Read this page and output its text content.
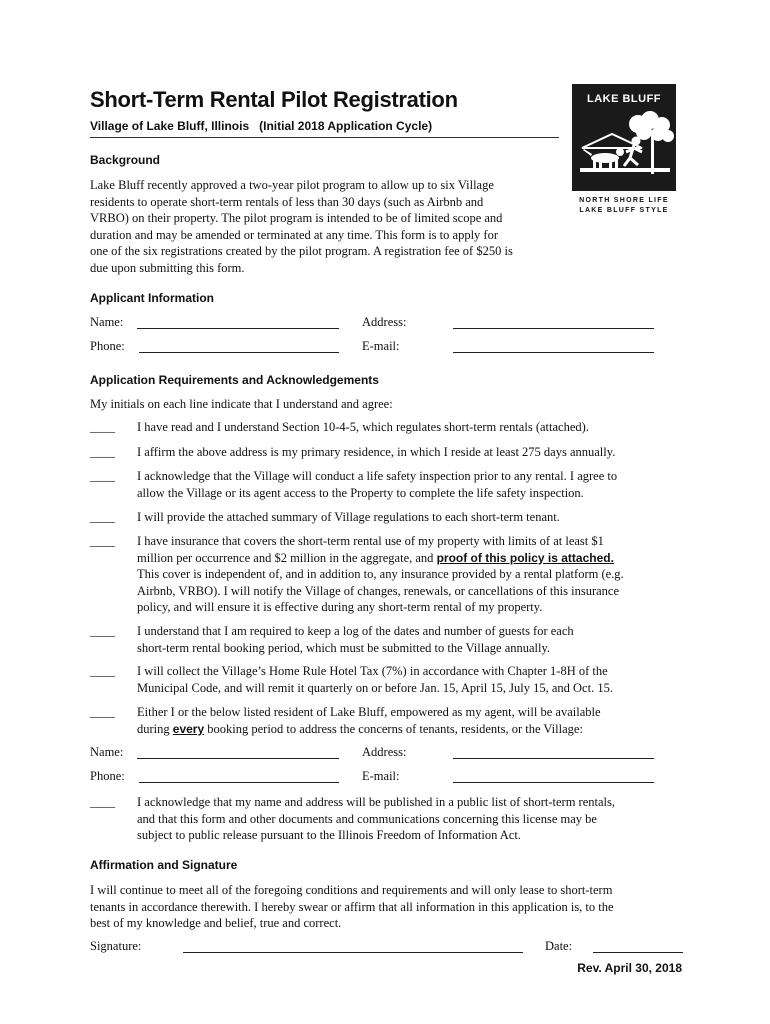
Short-Term Rental Pilot Registration
Village of Lake Bluff, Illinois (Initial 2018 Application Cycle)
LAKE BLUFF
NORTH SHORE LIFE
LAKE BLUFF STYLE
Background
Lake Bluff recently approved a two-year pilot program to allow up to six Village
residents to operate short-term rentals of less than 30 days (such as Airbnb and
VRBO) on their property. The pilot program is intended to be of limited scope and
duration and may be amended or terminated at any time. This form is to apply for
one of the six registrations created by the pilot program. A registration fee of $250 is
due upon submitting this form.
Applicant Information
Name:	Address:
Phone:	E-mail:
Application Requirements and Acknowledgements
My initials on each line indicate that I understand and agree:
____ I have read and I understand Section 10-4-5, which regulates short-term rentals (attached).
____ I affirm the above address is my primary residence, in which I reside at least 275 days annually.
____ I acknowledge that the Village will conduct a life safety inspection prior to any rental. I agree to
allow the Village or its agent access to the Property to complete the life safety inspection.
____ I will provide the attached summary of Village regulations to each short-term tenant.
____ I have insurance that covers the short-term rental use of my property with limits of at least $1
million per occurrence and $2 million in the aggregate, and proof of this policy is attached.
This cover is independent of, and in addition to, any insurance provided by a rental platform (e.g.
Airbnb, VRBO). I will notify the Village of changes, renewals, or cancellations of this insurance
policy, and will ensure it is effective during any short-term rental of my property.
____ I understand that I am required to keep a log of the dates and number of guests for each
short-term rental booking period, which must be submitted to the Village annually.
____ I will collect the Village’s Home Rule Hotel Tax (7%) in accordance with Chapter 1-8H of the
Municipal Code, and will remit it quarterly on or before Jan. 15, April 15, July 15, and Oct. 15.
____ Either I or the below listed resident of Lake Bluff, empowered as my agent, will be available
during every booking period to address the concerns of tenants, residents, or the Village:
Name:	Address:
Phone:	E-mail:
____ I acknowledge that my name and address will be published in a public list of short-term rentals,
and that this form and other documents and communications concerning this license may be
subject to public release pursuant to the Illinois Freedom of Information Act.
Affirmation and Signature
I will continue to meet all of the foregoing conditions and requirements and will only lease to short-term
tenants in accordance therewith. I hereby swear or affirm that all information in this application is, to the
best of my knowledge and belief, true and correct.
Signature:	Date:
Rev. April 30, 2018
